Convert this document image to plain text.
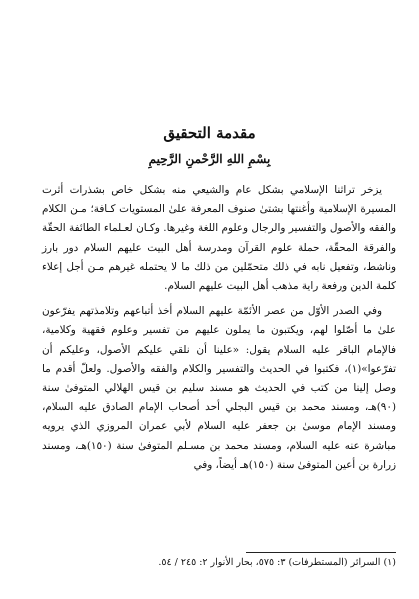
مقدمة التحقيق
بِسْمِ اللهِ الرَّحْمنِ الرَّحِيمِ

يزخر تراثنا الإسلامي بشكل عام والشيعي منه بشكل خاص بشذرات أثرت المسيرة الإسلامية وأغنتها بشتىٰ صنوف المعرفة علىٰ المستويات كـافة؛ مـن الكلام والفقه والأصول والتفسير والرجال وعلوم اللغة وغيرها. وكـان لعـلماء الطائفة الحقّة والفرقة المحقّة، حملة علوم القرآن ومدرسة أهل البيت عليهم السلام دور بارز وناشط، وتفعيل نابه في ذلك متحمّلين من ذلك ما لا يحتمله غيرهم مـن أجل إعلاء كلمة الدين ورفعة راية مذهب أهل البيت عليهم السلام.

وفي الصدر الأوّل من عصر الأئمّة عليهم السلام أخذ أتباعهم وتلامذتهم يفرّعون علىٰ ما أصّلوا لهم، ويكتبون ما يملون عليهم من تفسير وعلوم فقهية وكلامية، فالإمام الباقر عليه السلام يقول: «علينا أن نلقي عليكم الأصول، وعليكم أن تفرّعوا»(١)، فكتبوا في الحديث والتفسير والكلام والفقه والأصول. ولعلّ أقدم ما وصل إلينا من كتب في الحديث هو مسند سليم بن قيس الهلالي المتوفىٰ سنة (٩٠)هـ، ومسند محمد بن قيس البجلي أحد أصحاب الإمام الصادق عليه السلام، ومسند الإمام موسىٰ بن جعفر عليه السلام لأبي عمران المروزي الذي يرويه مباشرة عنه عليه السلام، ومسند محمد بن مسـلم المتوفىٰ سنة (١٥٠)هـ، ومسند زرارة بن أعين المتوفىٰ سنة (١٥٠)هـ أيضاً، وفي

(١) السرائر (المستطرفات) ٣: ٥٧٥، بحار الأنوار ٢: ٢٤٥ / ٥٤.
